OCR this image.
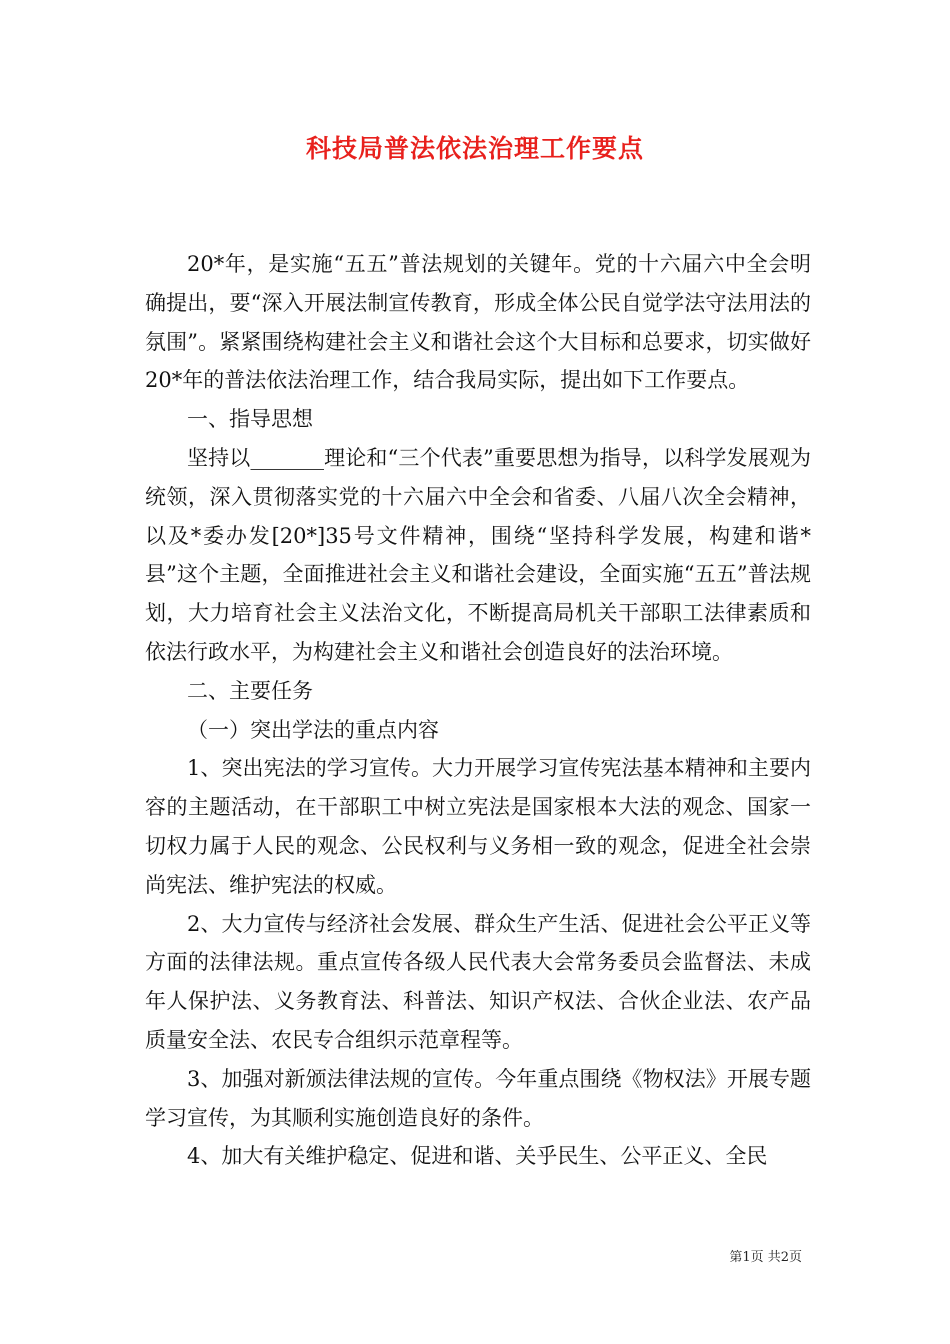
科技局普法依法治理工作要点

20*年，是实施“五五”普法规划的关键年。党的十六届六中全会明确提出，要“深入开展法制宣传教育，形成全体公民自觉学法守法用法的氛围”。紧紧围绕构建社会主义和谐社会这个大目标和总要求，切实做好20*年的普法依法治理工作，结合我局实际，提出如下工作要点。

一、指导思想

坚持以_______理论和“三个代表”重要思想为指导，以科学发展观为统领，深入贯彻落实党的十六届六中全会和省委、八届八次全会精神，以及*委办发[20*]35号文件精神，围绕“坚持科学发展，构建和谐*县”这个主题，全面推进社会主义和谐社会建设，全面实施“五五”普法规划，大力培育社会主义法治文化，不断提高局机关干部职工法律素质和依法行政水平，为构建社会主义和谐社会创造良好的法治环境。

二、主要任务

（一）突出学法的重点内容

1、突出宪法的学习宣传。大力开展学习宣传宪法基本精神和主要内容的主题活动，在干部职工中树立宪法是国家根本大法的观念、国家一切权力属于人民的观念、公民权利与义务相一致的观念，促进全社会崇尚宪法、维护宪法的权威。

2、大力宣传与经济社会发展、群众生产生活、促进社会公平正义等方面的法律法规。重点宣传各级人民代表大会常务委员会监督法、未成年人保护法、义务教育法、科普法、知识产权法、合伙企业法、农产品质量安全法、农民专合组织示范章程等。

3、加强对新颁法律法规的宣传。今年重点围绕《物权法》开展专题学习宣传，为其顺利实施创造良好的条件。

4、加大有关维护稳定、促进和谐、关乎民生、公平正义、全民

第1页 共2页
